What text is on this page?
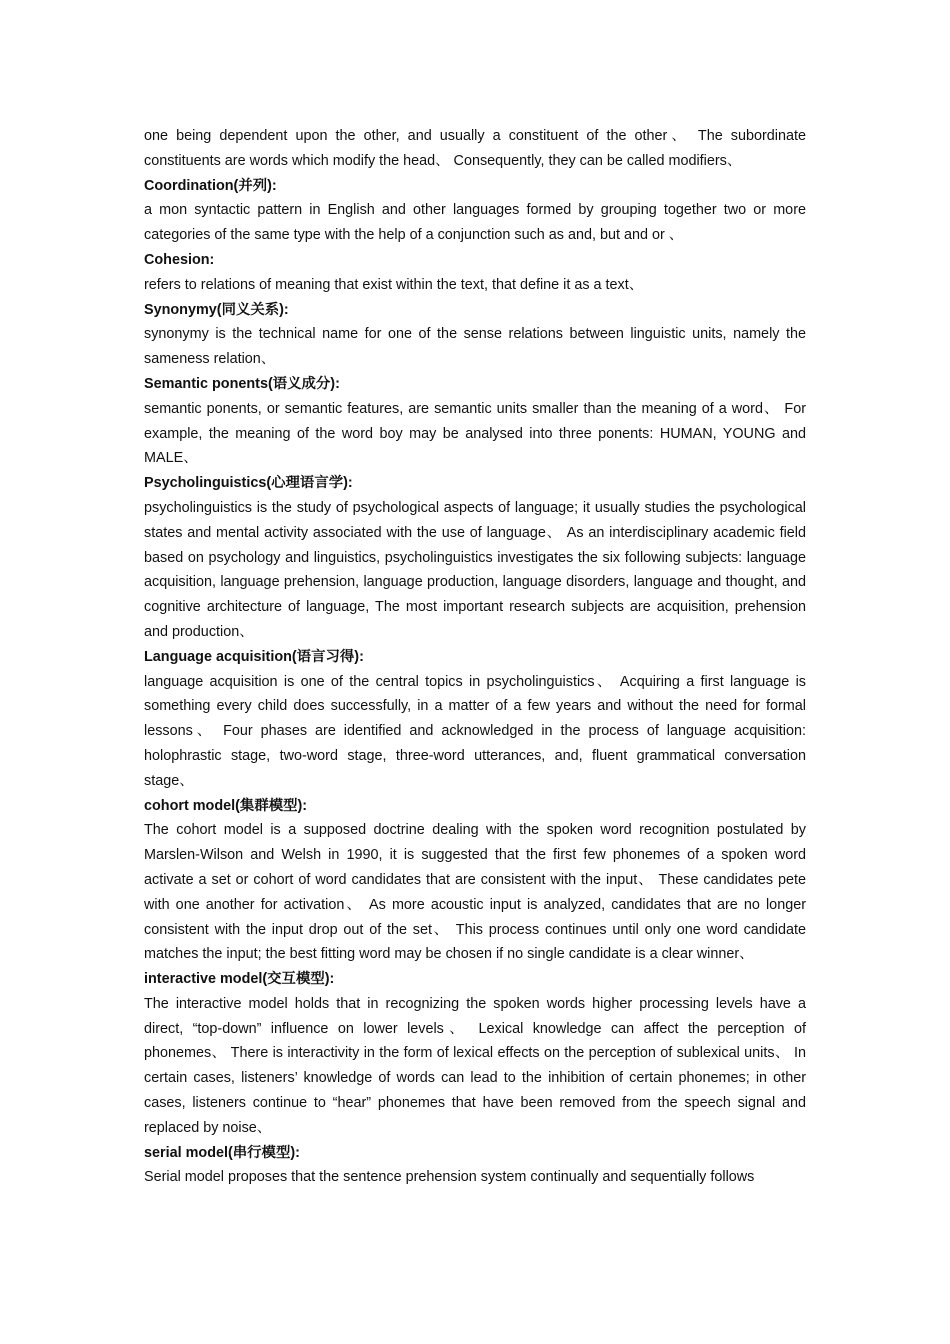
one being dependent upon the other, and usually a constituent of the other、 The subordinate constituents are words which modify the head、 Consequently, they can be called modifiers、

Coordination(并列):

a mon syntactic pattern in English and other languages formed by grouping together two or more categories of the same type with the help of a conjunction such as and, but and or 、

Cohesion:

refers to relations of meaning that exist within the text, that define it as a text、

Synonymy(同义关系):

synonymy is the technical name for one of the sense relations between linguistic units, namely the sameness relation、

Semantic ponents(语义成分):

semantic ponents, or semantic features, are semantic units smaller than the meaning of a word、 For example, the meaning of the word boy may be analysed into three ponents: HUMAN, YOUNG and MALE、

Psycholinguistics(心理语言学):

psycholinguistics is the study of psychological aspects of language; it usually studies the psychological states and mental activity associated with the use of language、 As an interdisciplinary academic field based on psychology and linguistics, psycholinguistics investigates the six following subjects: language acquisition, language prehension, language production, language disorders, language and thought, and cognitive architecture of language, The most important research subjects are acquisition, prehension and production、

Language acquisition(语言习得):

language acquisition is one of the central topics in psycholinguistics、 Acquiring a first language is something every child does successfully, in a matter of a few years and without the need for formal lessons、 Four phases are identified and acknowledged in the process of language acquisition: holophrastic stage, two-word stage, three-word utterances, and, fluent grammatical conversation stage、

cohort model(集群模型):

The cohort model is a supposed doctrine dealing with the spoken word recognition postulated by Marslen-Wilson and Welsh in 1990, it is suggested that the first few phonemes of a spoken word activate a set or cohort of word candidates that are consistent with the input、 These candidates pete with one another for activation、 As more acoustic input is analyzed, candidates that are no longer consistent with the input drop out of the set、 This process continues until only one word candidate matches the input; the best fitting word may be chosen if no single candidate is a clear winner、

interactive model(交互模型):

The interactive model holds that in recognizing the spoken words higher processing levels have a direct, “top-down” influence on lower levels、 Lexical knowledge can affect the perception of phonemes、 There is interactivity in the form of lexical effects on the perception of sublexical units、 In certain cases, listeners’ knowledge of words can lead to the inhibition of certain phonemes; in other cases, listeners continue to “hear” phonemes that have been removed from the speech signal and replaced by noise、

serial model(串行模型):

Serial model proposes that the sentence prehension system continually and sequentially follows
